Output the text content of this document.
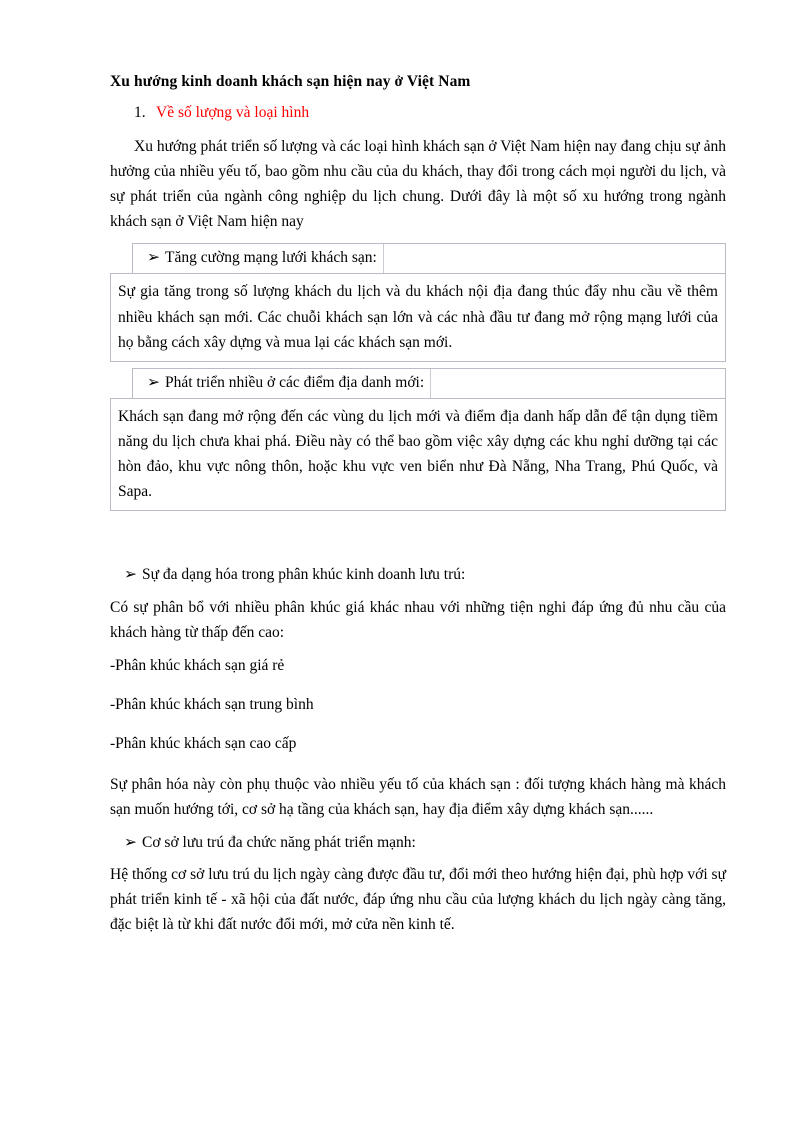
Xu hướng kinh doanh khách sạn hiện nay ở Việt Nam
1. Về số lượng và loại hình

Xu hướng phát triển số lượng và các loại hình khách sạn ở Việt Nam hiện nay đang chịu sự ảnh hưởng của nhiều yếu tố, bao gồm nhu cầu của du khách, thay đổi trong cách mọi người du lịch, và sự phát triển của ngành công nghiệp du lịch chung. Dưới đây là một số xu hướng trong ngành khách sạn ở Việt Nam hiện nay

➢ Tăng cường mạng lưới khách sạn:

Sự gia tăng trong số lượng khách du lịch và du khách nội địa đang thúc đẩy nhu cầu về thêm nhiều khách sạn mới. Các chuỗi khách sạn lớn và các nhà đầu tư đang mở rộng mạng lưới của họ bằng cách xây dựng và mua lại các khách sạn mới.

➢ Phát triển nhiều ở các điểm địa danh mới:

Khách sạn đang mở rộng đến các vùng du lịch mới và điểm địa danh hấp dẫn để tận dụng tiềm năng du lịch chưa khai phá. Điều này có thể bao gồm việc xây dựng các khu nghỉ dưỡng tại các hòn đảo, khu vực nông thôn, hoặc khu vực ven biển như Đà Nẵng, Nha Trang, Phú Quốc, và Sapa.

➢ Sự đa dạng hóa trong phân khúc kinh doanh lưu trú:

Có sự phân bổ với nhiều phân khúc giá khác nhau với những tiện nghi đáp ứng đủ nhu cầu của khách hàng từ thấp đến cao:

-Phân khúc khách sạn giá rẻ

-Phân khúc khách sạn trung bình

-Phân khúc khách sạn cao cấp

Sự phân hóa này còn phụ thuộc vào nhiều yếu tố của khách sạn : đối tượng khách hàng mà khách sạn muốn hướng tới, cơ sở hạ tầng của khách sạn, hay địa điểm xây dựng khách sạn......

➢ Cơ sở lưu trú đa chức năng phát triển mạnh:

Hệ thống cơ sở lưu trú du lịch ngày càng được đầu tư, đổi mới theo hướng hiện đại, phù hợp với sự phát triển kinh tế - xã hội của đất nước, đáp ứng nhu cầu của lượng khách du lịch ngày càng tăng, đặc biệt là từ khi đất nước đổi mới, mở cửa nền kinh tế.
